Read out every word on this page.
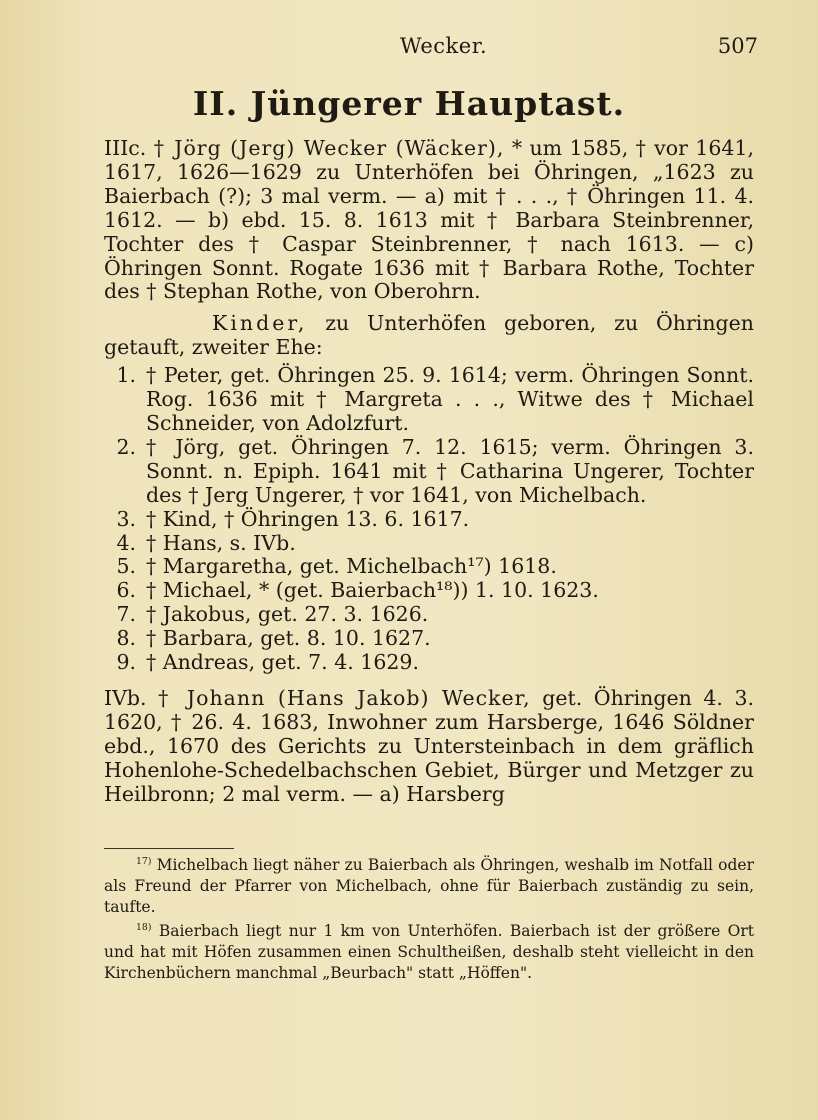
Wecker.	507
II. Jüngerer Hauptast.

IIIc. † Jörg (Jerg) Wecker (Wäcker), * um 1585, † vor 1641, 1617, 1626—1629 zu Unterhöfen bei Öhringen, „1623 zu Baierbach (?); 3 mal verm. — a) mit † . . ., † Öhringen 11. 4. 1612. — b) ebd. 15. 8. 1613 mit † Barbara Steinbrenner, Tochter des † Caspar Steinbrenner, † nach 1613. — c) Öhringen Sonnt. Rogate 1636 mit † Barbara Rothe, Tochter des † Stephan Rothe, von Oberohrn.

Kinder, zu Unterhöfen geboren, zu Öhringen getauft, zweiter Ehe:

1. † Peter, get. Öhringen 25. 9. 1614; verm. Öhringen Sonnt. Rog. 1636 mit † Margreta . . ., Witwe des † Michael Schneider, von Adolzfurt.
2. † Jörg, get. Öhringen 7. 12. 1615; verm. Öhringen 3. Sonnt. n. Epiph. 1641 mit † Catharina Ungerer, Tochter des † Jerg Ungerer, † vor 1641, von Michelbach.
3. † Kind, † Öhringen 13. 6. 1617.
4. † Hans, s. IVb.
5. † Margaretha, get. Michelbach¹⁷) 1618.
6. † Michael, * (get. Baierbach¹⁸)) 1. 10. 1623.
7. † Jakobus, get. 27. 3. 1626.
8. † Barbara, get. 8. 10. 1627.
9. † Andreas, get. 7. 4. 1629.

IVb. † Johann (Hans Jakob) Wecker, get. Öhringen 4. 3. 1620, † 26. 4. 1683, Inwohner zum Harsberge, 1646 Söldner ebd., 1670 des Gerichts zu Untersteinbach in dem gräflich Hohenlohe-Schedelbachschen Gebiet, Bürger und Metzger zu Heilbronn; 2 mal verm. — a) Harsberg

$^{17)}$ Michelbach liegt näher zu Baierbach als Öhringen, weshalb im Notfall oder als Freund der Pfarrer von Michelbach, ohne für Baierbach zuständig zu sein, taufte.

$^{18)}$ Baierbach liegt nur 1 km von Unterhöfen. Baierbach ist der größere Ort und hat mit Höfen zusammen einen Schultheißen, deshalb steht vielleicht in den Kirchenbüchern manchmal „Beurbach" statt „Höffen".
